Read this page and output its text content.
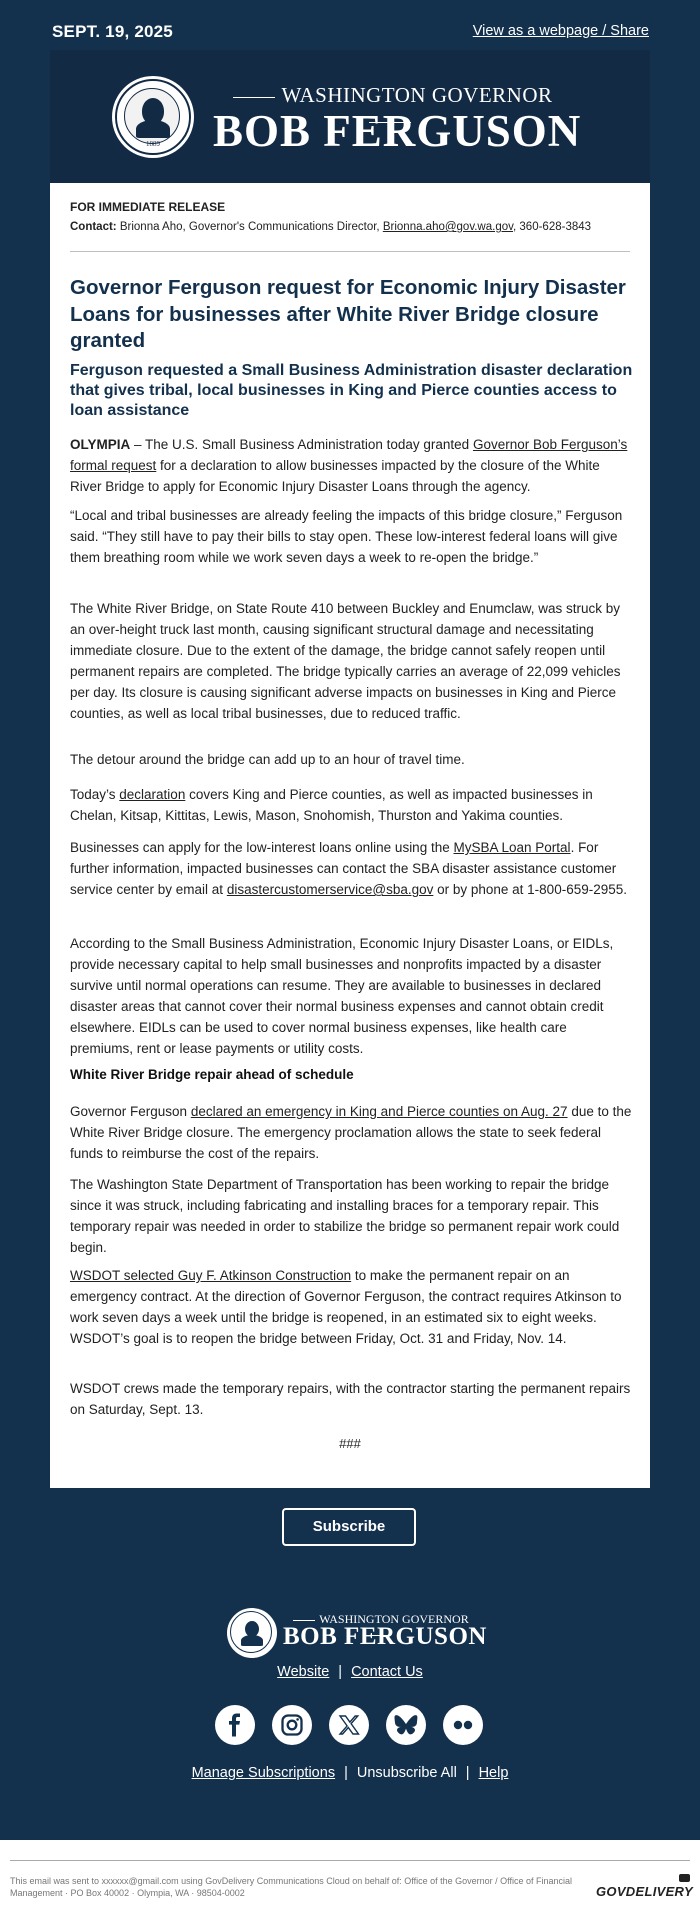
SEPT. 19, 2025	View as a webpage / Share
1889
WASHINGTON GOVERNOR
BOB FERGUSON
FOR IMMEDIATE RELEASE
Contact: Brionna Aho, Governor's Communications Director, Brionna.aho@gov.wa.gov, 360-628-3843
Governor Ferguson request for Economic Injury Disaster Loans for businesses after White River Bridge closure granted
Ferguson requested a Small Business Administration disaster declaration that gives tribal, local businesses in King and Pierce counties access to loan assistance
OLYMPIA – The U.S. Small Business Administration today granted Governor Bob Ferguson’s formal request for a declaration to allow businesses impacted by the closure of the White River Bridge to apply for Economic Injury Disaster Loans through the agency.
“Local and tribal businesses are already feeling the impacts of this bridge closure,” Ferguson said. “They still have to pay their bills to stay open. These low-interest federal loans will give them breathing room while we work seven days a week to re-open the bridge.”
The White River Bridge, on State Route 410 between Buckley and Enumclaw, was struck by an over-height truck last month, causing significant structural damage and necessitating immediate closure. Due to the extent of the damage, the bridge cannot safely reopen until permanent repairs are completed. The bridge typically carries an average of 22,099 vehicles per day. Its closure is causing significant adverse impacts on businesses in King and Pierce counties, as well as local tribal businesses, due to reduced traffic.
The detour around the bridge can add up to an hour of travel time.
Today’s declaration covers King and Pierce counties, as well as impacted businesses in Chelan, Kitsap, Kittitas, Lewis, Mason, Snohomish, Thurston and Yakima counties.
Businesses can apply for the low-interest loans online using the MySBA Loan Portal. For further information, impacted businesses can contact the SBA disaster assistance customer service center by email at disastercustomerservice@sba.gov or by phone at 1-800-659-2955.
According to the Small Business Administration, Economic Injury Disaster Loans, or EIDLs, provide necessary capital to help small businesses and nonprofits impacted by a disaster survive until normal operations can resume. They are available to businesses in declared disaster areas that cannot cover their normal business expenses and cannot obtain credit elsewhere. EIDLs can be used to cover normal business expenses, like health care premiums, rent or lease payments or utility costs.
White River Bridge repair ahead of schedule
Governor Ferguson declared an emergency in King and Pierce counties on Aug. 27 due to the White River Bridge closure. The emergency proclamation allows the state to seek federal funds to reimburse the cost of the repairs.
The Washington State Department of Transportation has been working to repair the bridge since it was struck, including fabricating and installing braces for a temporary repair. This temporary repair was needed in order to stabilize the bridge so permanent repair work could begin.
WSDOT selected Guy F. Atkinson Construction to make the permanent repair on an emergency contract. At the direction of Governor Ferguson, the contract requires Atkinson to work seven days a week until the bridge is reopened, in an estimated six to eight weeks. WSDOT’s goal is to reopen the bridge between Friday, Oct. 31 and Friday, Nov. 14.
WSDOT crews made the temporary repairs, with the contractor starting the permanent repairs on Saturday, Sept. 13.
###
Subscribe
WASHINGTON GOVERNOR
BOB FERGUSON
Website | Contact Us
Manage Subscriptions | Unsubscribe All | Help
This email was sent to xxxxxx@gmail.com using GovDelivery Communications Cloud on behalf of: Office of the Governor / Office of Financial Management · PO Box 40002 · Olympia, WA · 98504-0002	GOVDELIVERY
